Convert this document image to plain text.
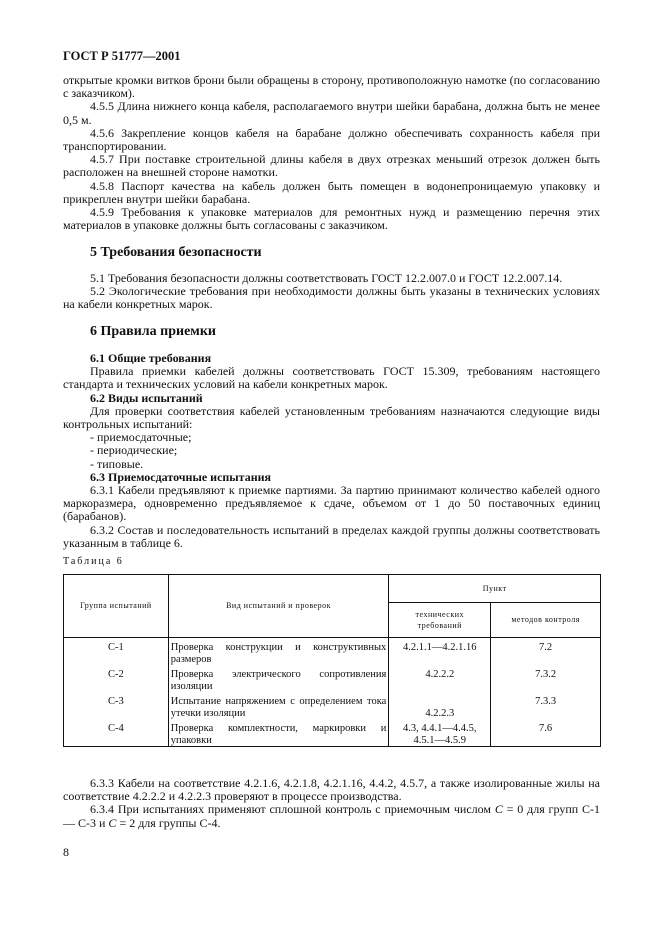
ГОСТ Р 51777—2001

открытые кромки витков брони были обращены в сторону, противоположную намотке (по согласованию с заказчиком).

4.5.5 Длина нижнего конца кабеля, располагаемого внутри шейки барабана, должна быть не менее 0,5 м.

4.5.6 Закрепление концов кабеля на барабане должно обеспечивать сохранность кабеля при транспортировании.

4.5.7 При поставке строительной длины кабеля в двух отрезках меньший отрезок должен быть расположен на внешней стороне намотки.

4.5.8 Паспорт качества на кабель должен быть помещен в водонепроницаемую упаковку и прикреплен внутри шейки барабана.

4.5.9 Требования к упаковке материалов для ремонтных нужд и размещению перечня этих материалов в упаковке должны быть согласованы с заказчиком.

5 Требования безопасности

5.1 Требования безопасности должны соответствовать ГОСТ 12.2.007.0 и ГОСТ 12.2.007.14.

5.2 Экологические требования при необходимости должны быть указаны в технических условиях на кабели конкретных марок.

6 Правила приемки

6.1 Общие требования

Правила приемки кабелей должны соответствовать ГОСТ 15.309, требованиям настоящего стандарта и технических условий на кабели конкретных марок.

6.2 Виды испытаний

Для проверки соответствия кабелей установленным требованиям назначаются следующие виды контрольных испытаний:

- приемосдаточные;

- периодические;

- типовые.

6.3 Приемосдаточные испытания

6.3.1 Кабели предъявляют к приемке партиями. За партию принимают количество кабелей одного маркоразмера, одновременно предъявляемое к сдаче, объемом от 1 до 50 поставочных единиц (барабанов).

6.3.2 Состав и последовательность испытаний в пределах каждой группы должны соответствовать указанным в таблице 6.

Таблица 6
Группа испытаний	Вид испытаний и проверок	Пункт	
		технических требований	методов контроля
С-1	Проверка конструкции и конструктивных размеров	4.2.1.1—4.2.1.16	7.2
С-2	Проверка электрического сопротивления изоляции	4.2.2.2	7.3.2
С-3	Испытание напряжением с определением тока утечки изоляции	4.2.2.3	7.3.3
С-4	Проверка комплектности, маркировки и упаковки	4.3, 4.4.1—4.4.5, 4.5.1—4.5.9	7.6

6.3.3 Кабели на соответствие 4.2.1.6, 4.2.1.8, 4.2.1.16, 4.4.2, 4.5.7, а также изолированные жилы на соответствие 4.2.2.2 и 4.2.2.3 проверяют в процессе производства.

6.3.4 При испытаниях применяют сплошной контроль с приемочным числом C = 0 для групп С-1 — С-3 и C = 2 для группы С-4.

8
